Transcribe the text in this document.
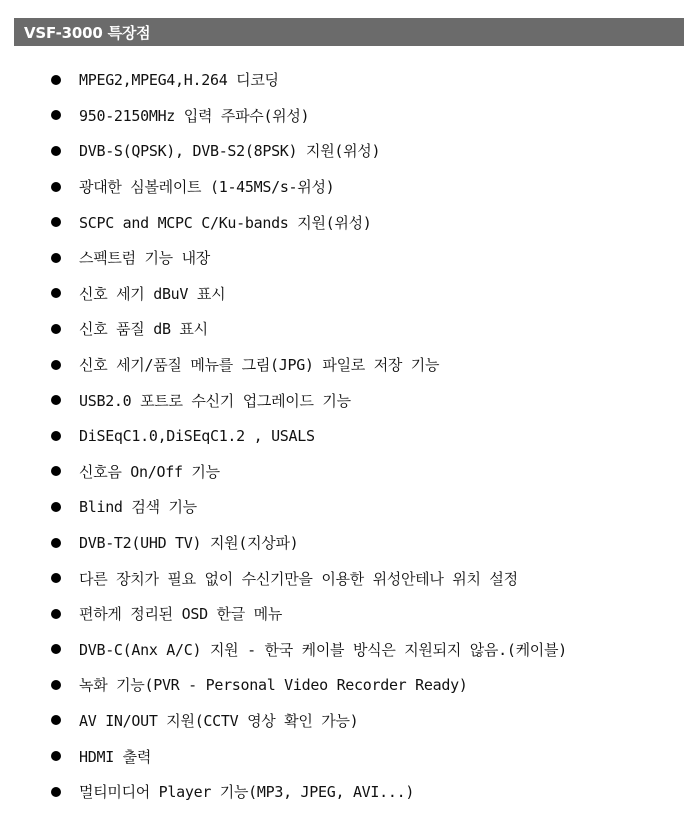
VSF-3000 특장점
MPEG2,MPEG4,H.264 디코딩
950-2150MHz 입력 주파수(위성)
DVB-S(QPSK), DVB-S2(8PSK) 지원(위성)
광대한 심볼레이트 (1-45MS/s-위성)
SCPC and MCPC C/Ku-bands 지원(위성)
스펙트럼 기능 내장
신호 세기 dBuV 표시
신호 품질 dB 표시
신호 세기/품질 메뉴를 그림(JPG) 파일로 저장 기능
USB2.0 포트로 수신기 업그레이드 기능
DiSEqC1.0,DiSEqC1.2 , USALS
신호음 On/Off 기능
Blind 검색 기능
DVB-T2(UHD TV) 지원(지상파)
다른 장치가 필요 없이 수신기만을 이용한 위성안테나 위치 설정
편하게 정리된 OSD 한글 메뉴
DVB-C(Anx A/C) 지원 - 한국 케이블 방식은 지원되지 않음.(케이블)
녹화 기능(PVR - Personal Video Recorder Ready)
AV IN/OUT 지원(CCTV 영상 확인 가능)
HDMI 출력
멀티미디어 Player 기능(MP3, JPEG, AVI...)
